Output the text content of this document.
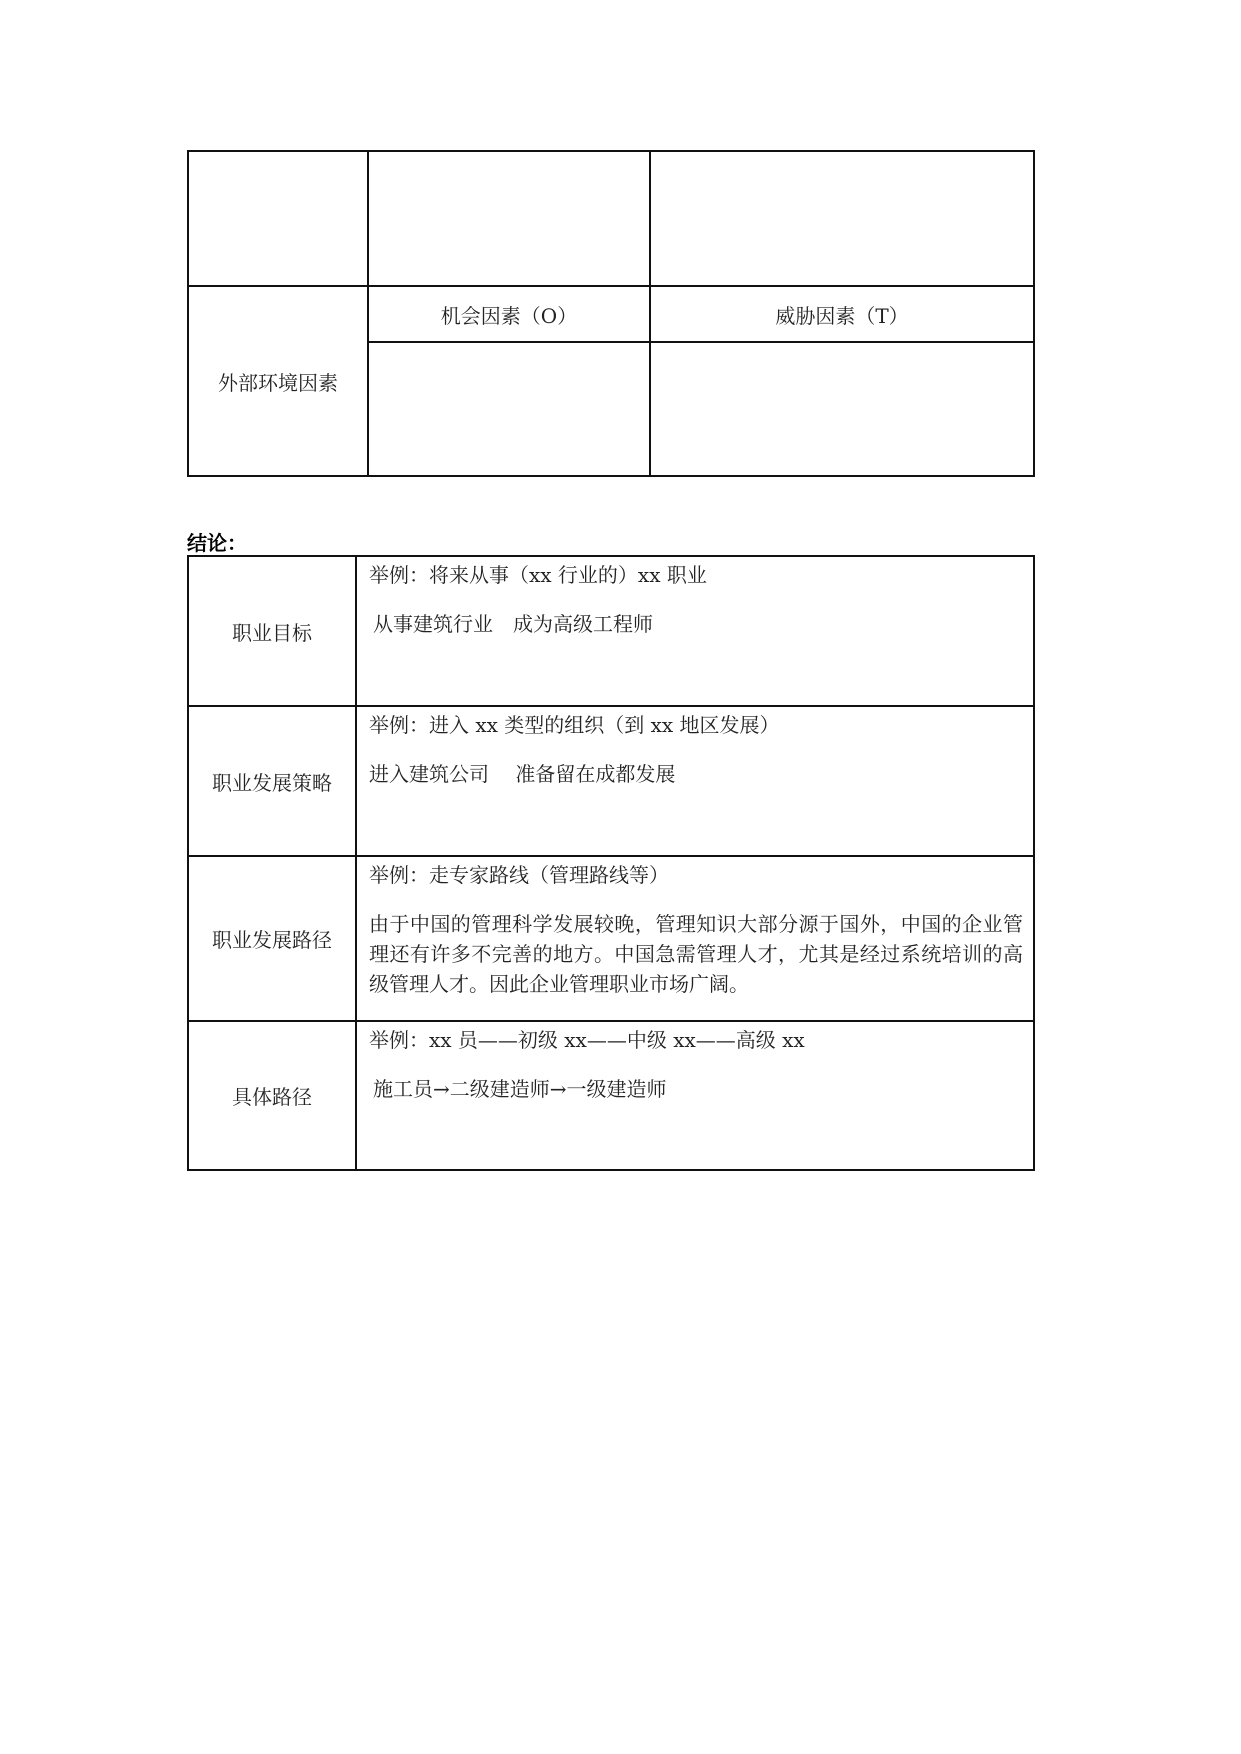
外部环境因素	机会因素（O）	威胁因素（T）

结论：

职业目标	举例：将来从事（xx 行业的）xx 职业

从事建筑行业　成为高级工程师

职业发展策略	举例：进入 xx 类型的组织（到 xx 地区发展）

进入建筑公司　 准备留在成都发展

职业发展路径	举例：走专家路线（管理路线等）

由于中国的管理科学发展较晚，管理知识大部分源于国外，中国的企业管理还有许多不完善的地方。中国急需管理人才，尤其是经过系统培训的高级管理人才。因此企业管理职业市场广阔。

具体路径	举例：xx 员——初级 xx——中级 xx——高级 xx

施工员→二级建造师→一级建造师
